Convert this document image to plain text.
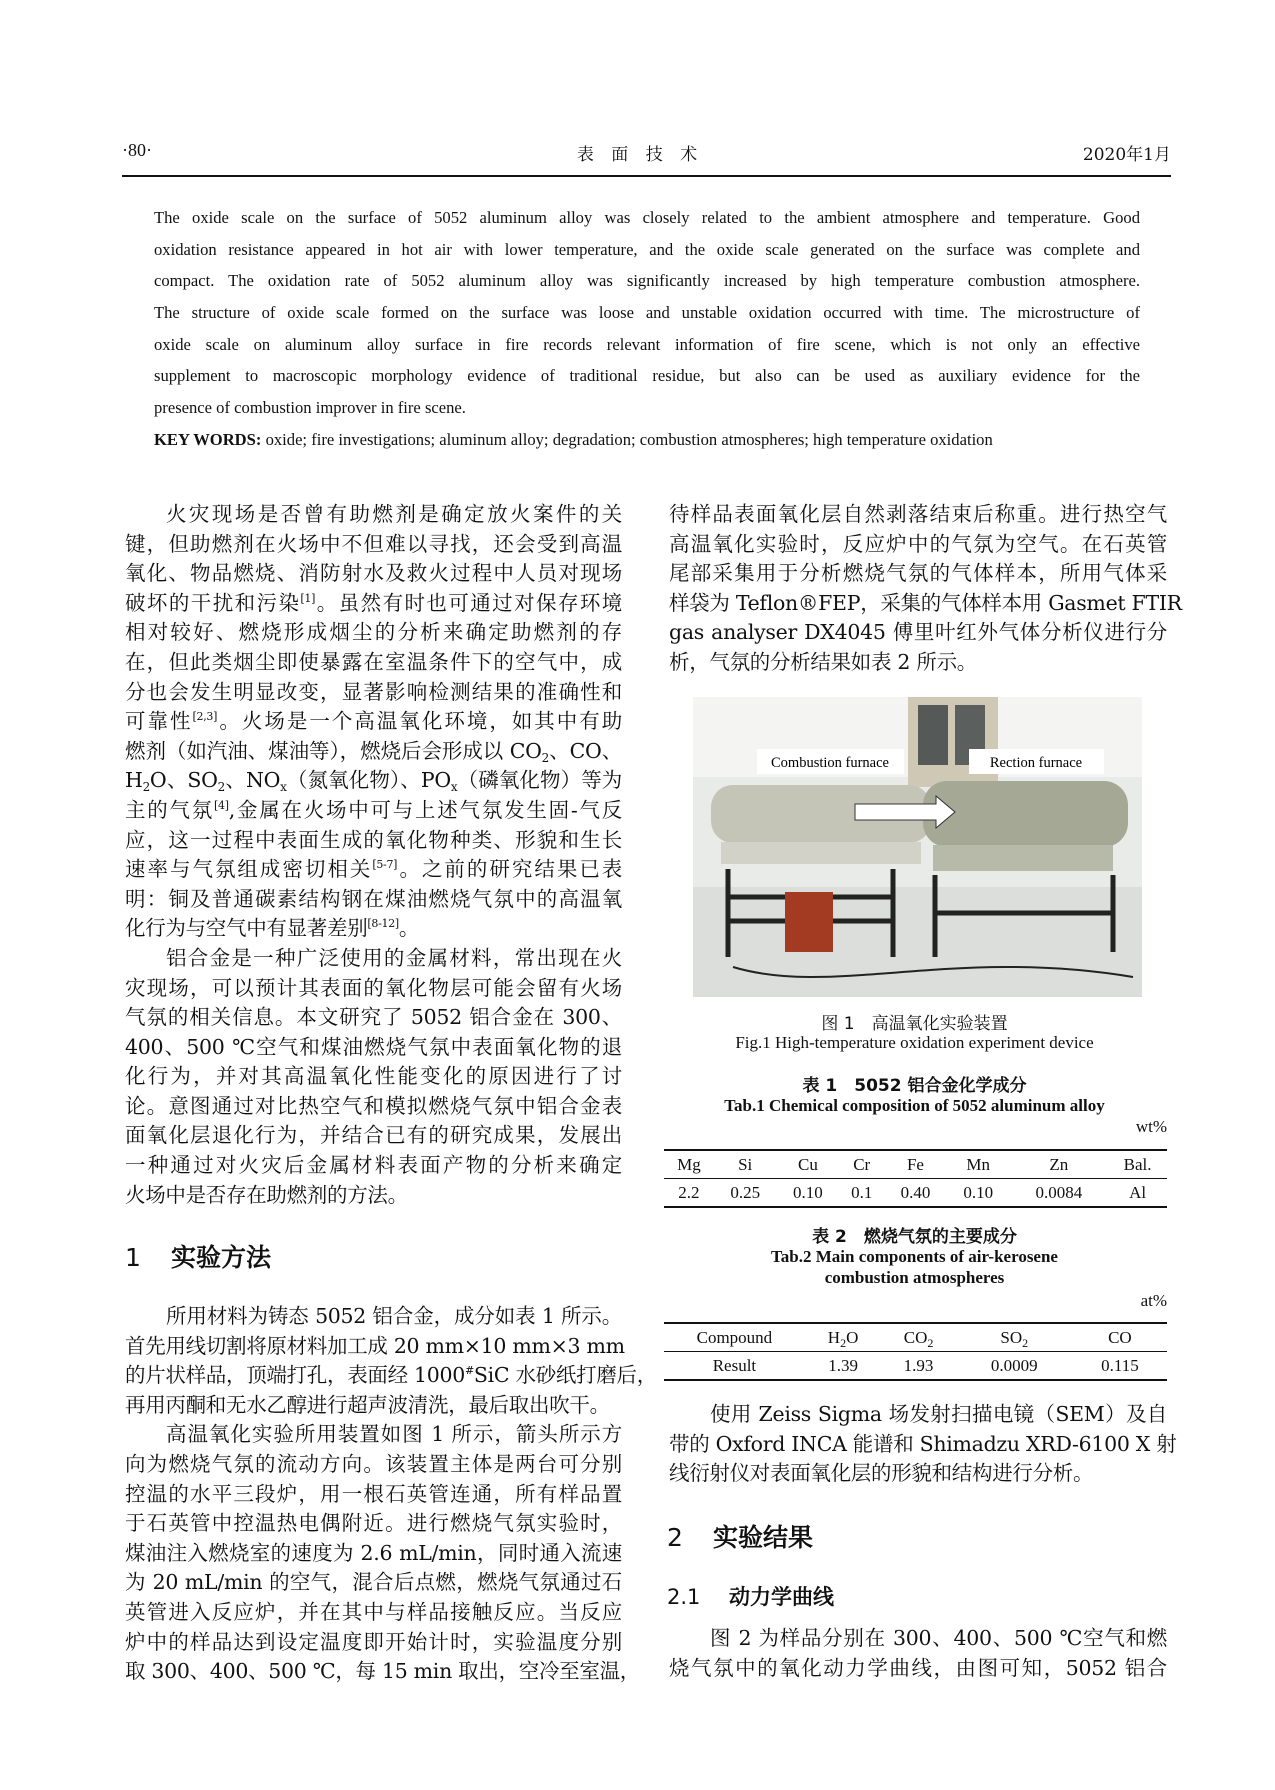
·80·	表 面 技 术	2020年1月
The oxide scale on the surface of 5052 aluminum alloy was closely related to the ambient atmosphere and temperature. Good
oxidation resistance appeared in hot air with lower temperature, and the oxide scale generated on the surface was complete and
compact. The oxidation rate of 5052 aluminum alloy was significantly increased by high temperature combustion atmosphere.
The structure of oxide scale formed on the surface was loose and unstable oxidation occurred with time. The microstructure of
oxide scale on aluminum alloy surface in fire records relevant information of fire scene, which is not only an effective
supplement to macroscopic morphology evidence of traditional residue, but also can be used as auxiliary evidence for the
presence of combustion improver in fire scene.
KEY WORDS: oxide; fire investigations; aluminum alloy; degradation; combustion atmospheres; high temperature oxidation
火灾现场是否曾有助燃剂是确定放火案件的关
键，但助燃剂在火场中不但难以寻找，还会受到高温
氧化、物品燃烧、消防射水及救火过程中人员对现场
破坏的干扰和污染[1]。虽然有时也可通过对保存环境
相对较好、燃烧形成烟尘的分析来确定助燃剂的存
在，但此类烟尘即使暴露在室温条件下的空气中，成
分也会发生明显改变，显著影响检测结果的准确性和
可靠性[2,3]。火场是一个高温氧化环境，如其中有助
燃剂（如汽油、煤油等），燃烧后会形成以 $CO_2$、CO、
$H_2O$、$SO_2$、$NO_x$（氮氧化物）、$PO_x$（磷氧化物）等为
主的气氛[4],金属在火场中可与上述气氛发生固-气反
应，这一过程中表面生成的氧化物种类、形貌和生长
速率与气氛组成密切相关[5-7]。之前的研究结果已表
明：铜及普通碳素结构钢在煤油燃烧气氛中的高温氧
化行为与空气中有显著差别[8-12]。
铝合金是一种广泛使用的金属材料，常出现在火
灾现场，可以预计其表面的氧化物层可能会留有火场
气氛的相关信息。本文研究了 5052 铝合金在 300、
400、500 ℃空气和煤油燃烧气氛中表面氧化物的退
化行为，并对其高温氧化性能变化的原因进行了讨
论。意图通过对比热空气和模拟燃烧气氛中铝合金表
面氧化层退化行为，并结合已有的研究成果，发展出
一种通过对火灾后金属材料表面产物的分析来确定
火场中是否存在助燃剂的方法。
1 实验方法
所用材料为铸态 5052 铝合金，成分如表 1 所示。
首先用线切割将原材料加工成 20 mm×10 mm×3 mm
的片状样品，顶端打孔，表面经 1000#SiC 水砂纸打磨后，
再用丙酮和无水乙醇进行超声波清洗，最后取出吹干。
高温氧化实验所用装置如图 1 所示，箭头所示方
向为燃烧气氛的流动方向。该装置主体是两台可分别
控温的水平三段炉，用一根石英管连通，所有样品置
于石英管中控温热电偶附近。进行燃烧气氛实验时，
煤油注入燃烧室的速度为 2.6 mL/min，同时通入流速
为 20 mL/min 的空气，混合后点燃，燃烧气氛通过石
英管进入反应炉，并在其中与样品接触反应。当反应
炉中的样品达到设定温度即开始计时，实验温度分别
取 300、400、500 ℃，每 15 min 取出，空冷至室温，
待样品表面氧化层自然剥落结束后称重。进行热空气
高温氧化实验时，反应炉中的气氛为空气。在石英管
尾部采集用于分析燃烧气氛的气体样本，所用气体采
样袋为 Teflon®FEP，采集的气体样本用 Gasmet FTIR
gas analyser DX4045 傅里叶红外气体分析仪进行分
析，气氛的分析结果如表 2 所示。
Combustion furnace	Rection furnace
图 1　高温氧化实验装置
Fig.1 High-temperature oxidation experiment device
表 1　5052 铝合金化学成分
Tab.1 Chemical composition of 5052 aluminum alloy
wt%
Mg	Si	Cu	Cr	Fe	Mn	Zn	Bal.
2.2	0.25	0.10	0.1	0.40	0.10	0.0084	Al
表 2　燃烧气氛的主要成分
Tab.2 Main components of air-kerosene
combustion atmospheres
at%
Compound	$H_2O$	$CO_2$	$SO_2$	CO
Result	1.39	1.93	0.0009	0.115
使用 Zeiss Sigma 场发射扫描电镜（SEM）及自
带的 Oxford INCA 能谱和 Shimadzu XRD-6100 X 射
线衍射仪对表面氧化层的形貌和结构进行分析。
2 实验结果
2.1 动力学曲线
图 2 为样品分别在 300、400、500 ℃空气和燃
烧气氛中的氧化动力学曲线，由图可知，5052 铝合
